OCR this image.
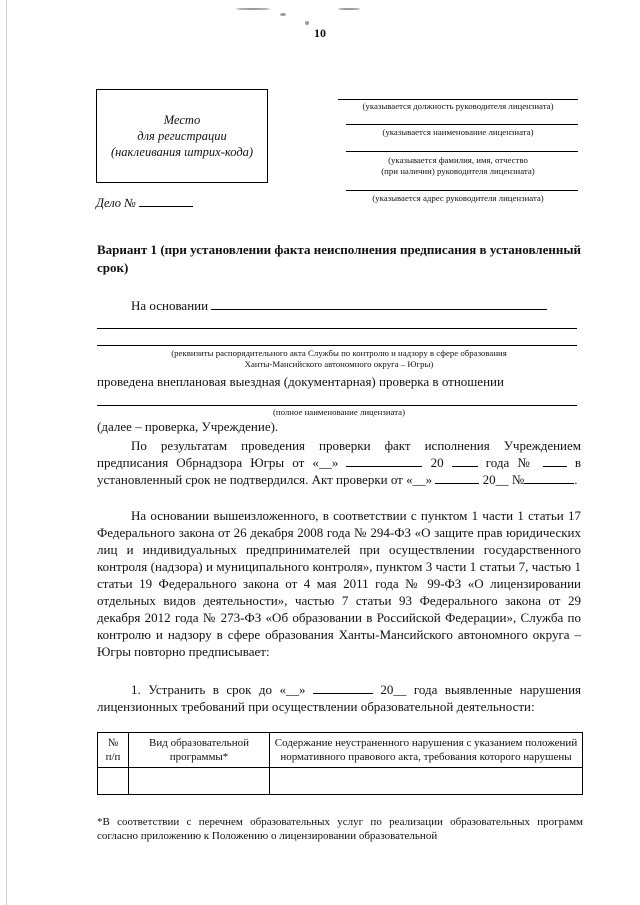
10
Место
для регистрации
(наклеивания штрих-кода)
Дело №
(указывается должность руководителя лицензиата)
(указывается наименование лицензиата)
(указывается фамилия, имя, отчество
(при наличии) руководителя лицензиата)
(указывается адрес руководителя лицензиата)
Вариант 1 (при установлении факта неисполнения предписания в установленный срок)
На основании
(реквизиты распорядительного акта Службы по контролю и надзору в сфере образования
Ханты-Мансийского автономного округа – Югры)
проведена внеплановая выездная (документарная) проверка в отношении
(полное наименование лицензиата)
(далее – проверка, Учреждение).
По результатам проведения проверки факт исполнения Учреждением предписания Обрнадзора Югры от «__»	20	года №	в установленный срок не подтвердился. Акт проверки от «__»	20__ №	.
На основании вышеизложенного, в соответствии с пунктом 1 части 1 статьи 17 Федерального закона от 26 декабря 2008 года № 294-ФЗ «О защите прав юридических лиц и индивидуальных предпринимателей при осуществлении государственного контроля (надзора) и муниципального контроля», пунктом 3 части 1 статьи 7, частью 1 статьи 19 Федерального закона от 4 мая 2011 года № 99-ФЗ «О лицензировании отдельных видов деятельности», частью 7 статьи 93 Федерального закона от 29 декабря 2012 года № 273-ФЗ «Об образовании в Российской Федерации», Служба по контролю и надзору в сфере образования Ханты-Мансийского автономного округа – Югры повторно предписывает:
1. Устранить в срок до «__»	20__ года выявленные нарушения лицензионных требований при осуществлении образовательной деятельности:
№ п/п	Вид образовательной программы*	Содержание неустраненного нарушения с указанием положений нормативного правового акта, требования которого нарушены

*В соответствии с перечнем образовательных услуг по реализации образовательных программ согласно приложению к Положению о лицензировании образовательной
